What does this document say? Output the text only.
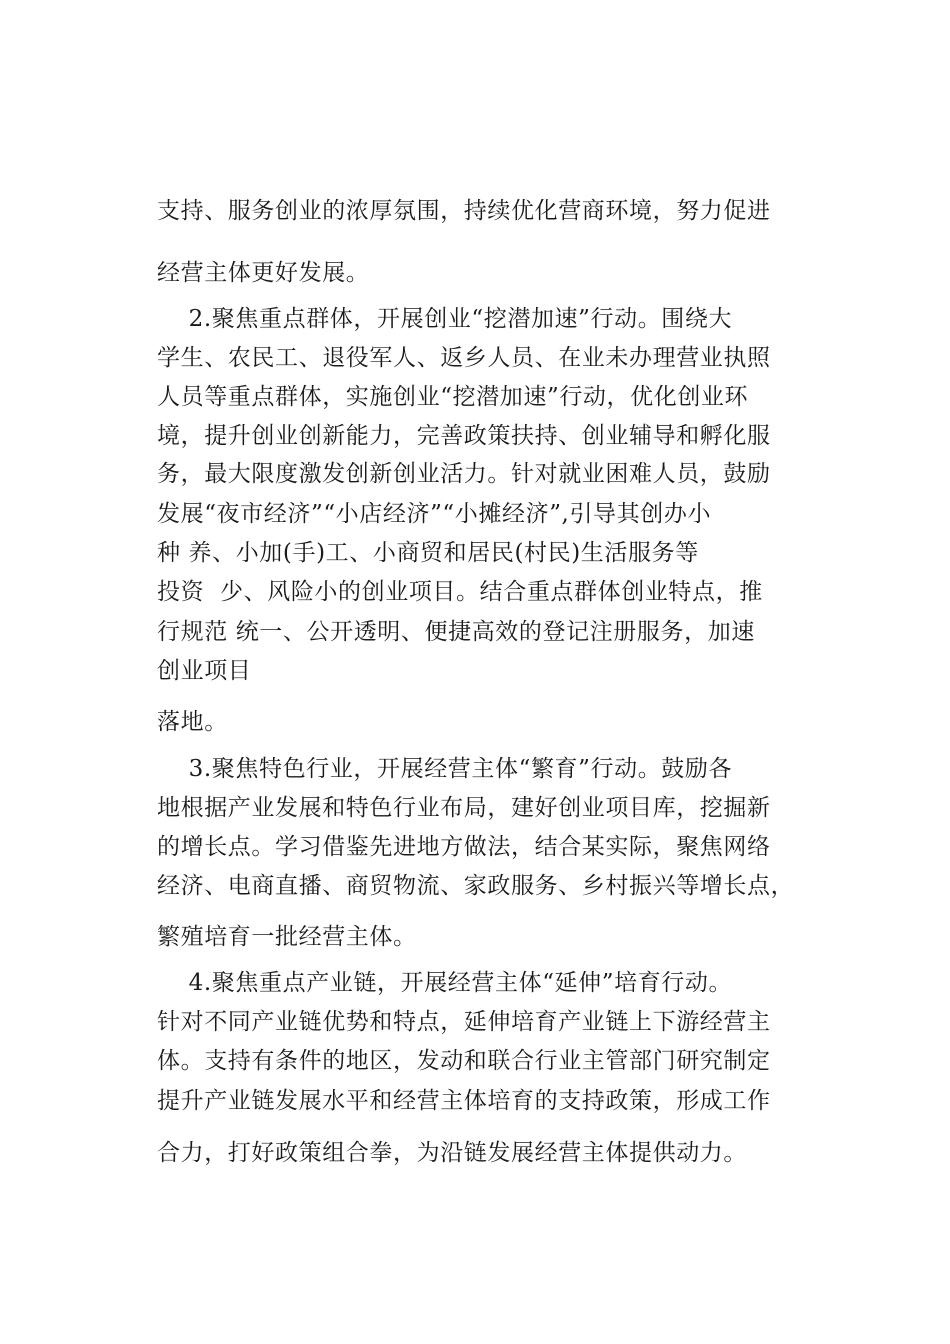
支持、服务创业的浓厚氛围，持续优化营商环境，努力促进
经营主体更好发展。
2.聚焦重点群体，开展创业“挖潜加速”行动。围绕大
学生、农民工、退役军人、返乡人员、在业未办理营业执照
人员等重点群体，实施创业“挖潜加速”行动，优化创业环
境，提升创业创新能力，完善政策扶持、创业辅导和孵化服
务，最大限度激发创新创业活力。针对就业困难人员，鼓励
发展“夜市经济”“小店经济”“小摊经济”,引导其创办小
种 养、小加(手)工、小商贸和居民(村民)生活服务等
投资  少、风险小的创业项目。结合重点群体创业特点，推
行规范 统一、公开透明、便捷高效的登记注册服务，加速
创业项目
落地。
3.聚焦特色行业，开展经营主体“繁育”行动。鼓励各
地根据产业发展和特色行业布局，建好创业项目库，挖掘新
的增长点。学习借鉴先进地方做法，结合某实际，聚焦网络
经济、电商直播、商贸物流、家政服务、乡村振兴等增长点，
繁殖培育一批经营主体。
4.聚焦重点产业链，开展经营主体“延伸”培育行动。
针对不同产业链优势和特点，延伸培育产业链上下游经营主
体。支持有条件的地区，发动和联合行业主管部门研究制定
提升产业链发展水平和经营主体培育的支持政策，形成工作
合力，打好政策组合拳，为沿链发展经营主体提供动力。
